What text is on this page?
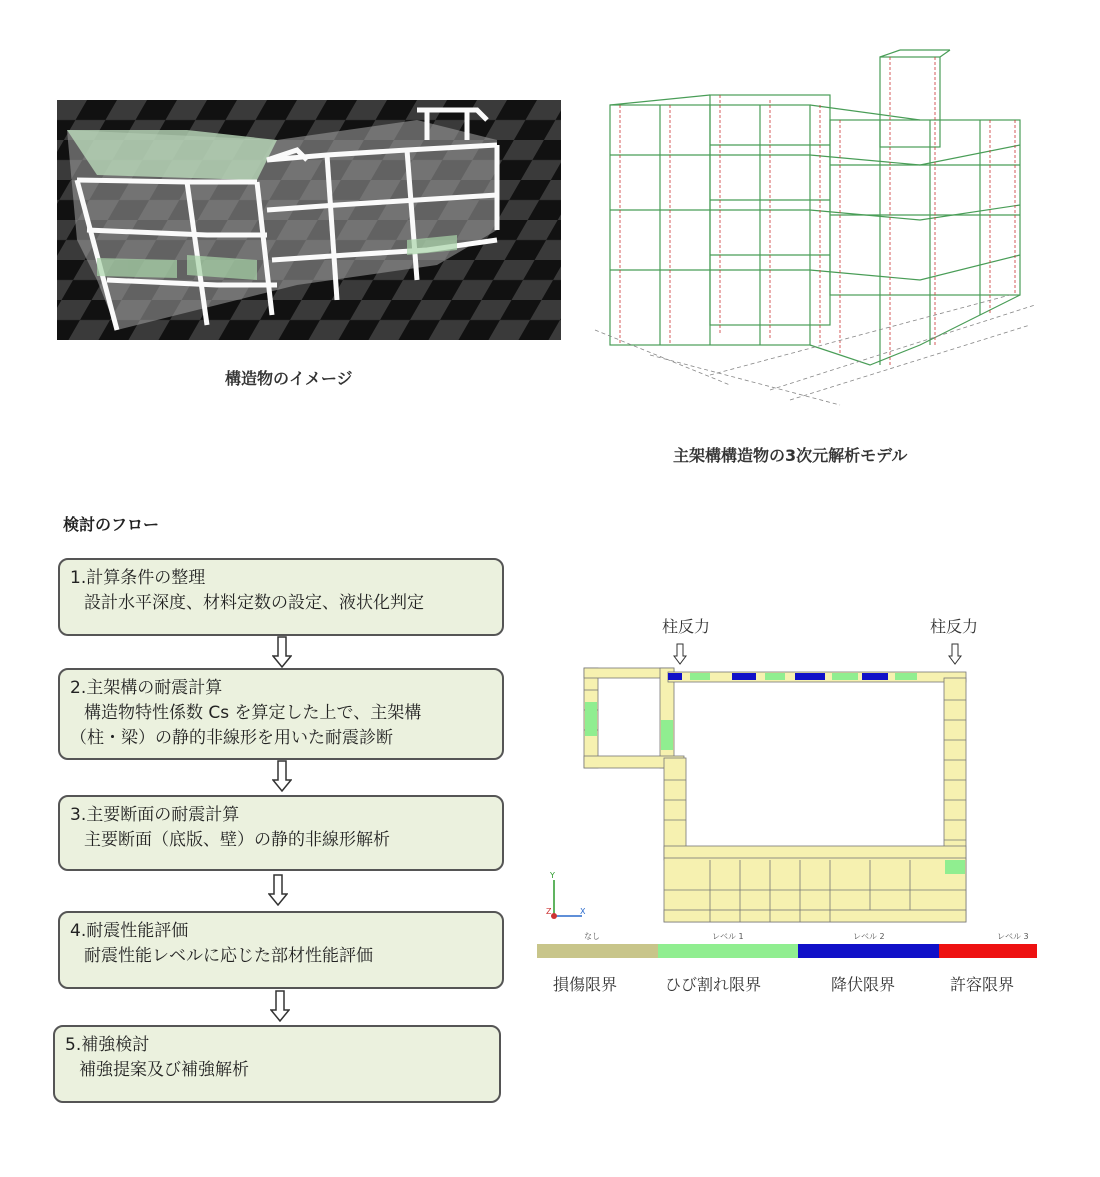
構造物のイメージ
主架構構造物の3次元解析モデル
検討のフロー
1.計算条件の整理
設計水平深度、材料定数の設定、液状化判定
2.主架構の耐震計算
構造物特性係数 Cs を算定した上で、主架構
（柱・梁）の静的非線形を用いた耐震診断
3.主要断面の耐震計算
主要断面（底版、壁）の静的非線形解析
4.耐震性能評価
耐震性能レベルに応じた部材性能評価
5.補強検討
補強提案及び補強解析
柱反力	柱反力
Y
Z	X
なし	レベル 1	レベル 2	レベル 3
損傷限界	ひび割れ限界	降伏限界	許容限界
